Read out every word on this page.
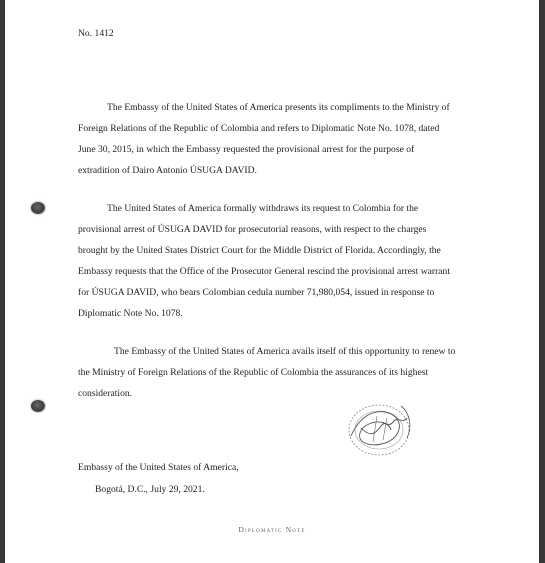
No. 1412
The Embassy of the United States of America presents its compliments to the Ministry of
Foreign Relations of the Republic of Colombia and refers to Diplomatic Note No. 1078, dated
June 30, 2015, in which the Embassy requested the provisional arrest for the purpose of
extradition of Dairo Antonio ÚSUGA DAVID.
The United States of America formally withdraws its request to Colombia for the
provisional arrest of ÚSUGA DAVID for prosecutorial reasons, with respect to the charges
brought by the United States District Court for the Middle District of Florida. Accordingly, the
Embassy requests that the Office of the Prosecutor General rescind the provisional arrest warrant
for ÚSUGA DAVID, who bears Colombian cedula number 71,980,054, issued in response to
Diplomatic Note No. 1078.
The Embassy of the United States of America avails itself of this opportunity to renew to
the Ministry of Foreign Relations of the Republic of Colombia the assurances of its highest
consideration.
Embassy of the United States of America,
Bogotá, D.C., July 29, 2021.
Diplomatic Note
